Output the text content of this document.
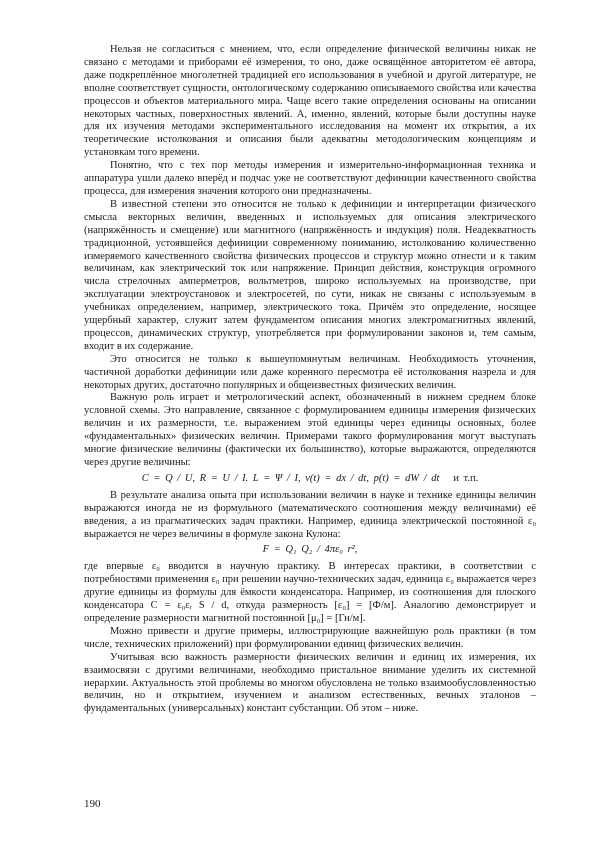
Нельзя не согласиться с мнением, что, если определение физической величины никак не связано с методами и приборами её измерения, то оно, даже освящённое авторитетом её автора, даже подкреплённое многолетней традицией его использования в учебной и другой литературе, не вполне соответствует сущности, онтологическому содержанию описываемого свойства или качества процессов и объектов материального мира. Чаще всего такие определения основаны на описании некоторых частных, поверхностных явлений. А, именно, явлений, которые были доступны науке для их изучения методами экспериментального исследования на момент их открытия, а их теоретические истолкования и описания были адекватны методологическим концепциям и установкам того времени.

Понятно, что с тех пор методы измерения и измерительно-информационная техника и аппаратура ушли далеко вперёд и подчас уже не соответствуют дефиниции качественного свойства процесса, для измерения значения которого они предназначены.

В известной степени это относится не только к дефиниции и интерпретации физического смысла векторных величин, введенных и используемых для описания электрического (напряжённость и смещение) или магнитного (напряжённость и индукция) поля. Неадекватность традиционной, устоявшейся дефиниции современному пониманию, истолкованию количественно измеряемого качественного свойства физических процессов и структур можно отнести и к таким величинам, как электрический ток или напряжение. Принцип действия, конструкция огромного числа стрелочных амперметров, вольтметров, широко используемых на производстве, при эксплуатации электроустановок и электросетей, по сути, никак не связаны с используемым в учебниках определением, например, электрического тока. Причём это определение, носящее ущербный характер, служит затем фундаментом описания многих электромагнитных явлений, процессов, динамических структур, употребляется при формулировании законов и, тем самым, входит в их содержание.

Это относится не только к вышеупомянутым величинам. Необходимость уточнения, частичной доработки дефиниции или даже коренного пересмотра её истолкования назрела и для некоторых других, достаточно популярных и общеизвестных физических величин.

Важную роль играет и метрологический аспект, обозначенный в нижнем среднем блоке условной схемы. Это направление, связанное с формулированием единицы измерения физических величин и их размерности, т.е. выражением этой единицы через единицы основных, более «фундаментальных» физических величин. Примерами такого формулирования могут выступать многие физические величины (фактически их большинство), которые выражаются, определяются через другие величины:

C = Q / U, R = U / I. L = Ψ / I, v(t) = dx / dt, p(t) = dW / dt и т.п.

В результате анализа опыта при использовании величин в науке и технике единицы величин выражаются иногда не из формульного (математического соотношения между величинами) её введения, а из прагматических задач практики. Например, единица электрической постоянной ε₀ выражается не через величины в формуле закона Кулона:

F = Q₁ Q₂ / 4πε₀ r²,

где впервые ε₀ вводится в научную практику. В интересах практики, в соответствии с потребностями применения ε₀ при решении научно-технических задач, единица ε₀ выражается через другие единицы из формулы для ёмкости конденсатора. Например, из соотношения для плоского конденсатора C = ε₀εᵣ S / d, откуда размерность [ε₀] = [Ф/м]. Аналогию демонстрирует и определение размерности магнитной постоянной [μ₀] = [Гн/м].

Можно привести и другие примеры, иллюстрирующие важнейшую роль практики (в том числе, технических приложений) при формулировании единиц физических величин.

Учитывая всю важность размерности физических величин и единиц их измерения, их взаимосвязи с другими величинами, необходимо пристальное внимание уделить их системной иерархии. Актуальность этой проблемы во многом обусловлена не только взаимообусловленностью величин, но и открытием, изучением и анализом естественных, вечных эталонов – фундаментальных (универсальных) констант субстанции. Об этом – ниже.

190
